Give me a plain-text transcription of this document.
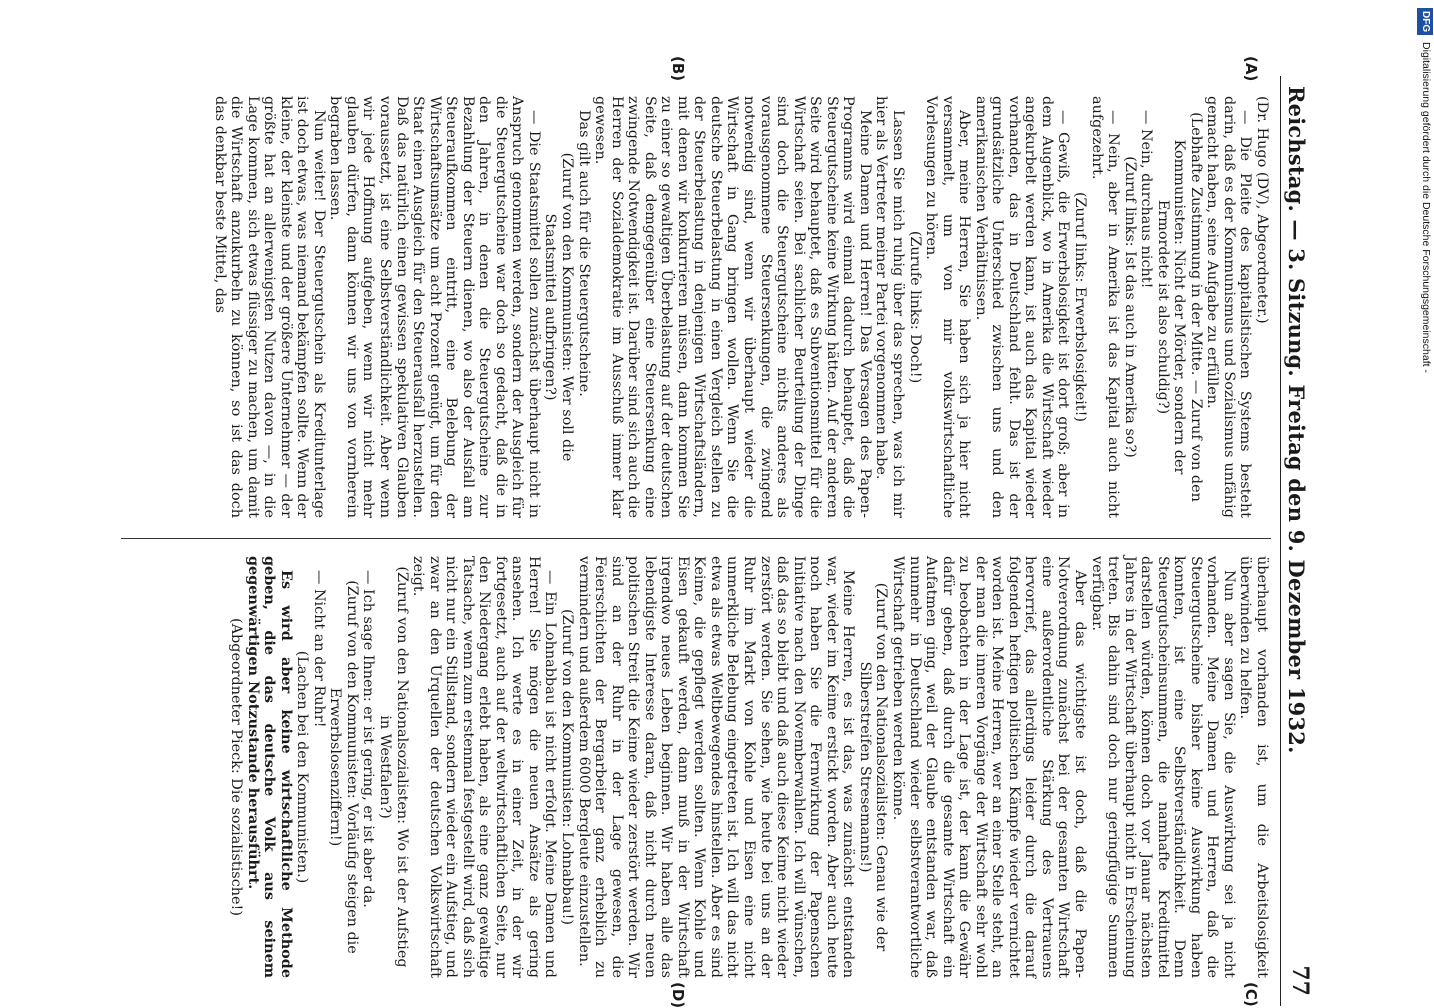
Reichstag. — 3. Sitzung. Freitag den 9. Dezember 1932.
77
(A)
(B)
(C)
(D)

(Dr. Hugo (DV), Abgeordneter.)

— Die Pleite des kapitalistischen Systems besteht darin, daß es der Kommunismus und Sozialismus unfähig gemacht haben, seine Aufgabe zu erfüllen.

(Lebhafte Zustimmung in der Mitte. — Zuruf von den Kommunisten: Nicht der Mörder, sondern der Ermordete ist also schuldig?)

— Nein, durchaus nicht!

(Zuruf links: Ist das auch in Amerika so?)

— Nein, aber in Amerika ist das Kapital auch nicht aufgezehrt.

(Zuruf links: Erwerbslosigkeit!)

— Gewiß, die Erwerbslosigkeit ist dort groß; aber in dem Augenblick, wo in Amerika die Wirtschaft wieder angekurbelt werden kann, ist auch das Kapital wieder vorhanden, das in Deutschland fehlt. Das ist der grundsätzliche Unterschied zwischen uns und den amerikanischen Verhältnissen.

Aber, meine Herren, Sie haben sich ja hier nicht versammelt, um von mir volkswirtschaftliche Vorlesungen zu hören.

(Zurufe links: Doch!)

Lassen Sie mich ruhig über das sprechen, was ich mir hier als Vertreter meiner Partei vorgenommen habe.

Meine Damen und Herren! Das Versagen des Papen-Programms wird einmal dadurch behauptet, daß die Steuergutscheine keine Wirkung hätten. Auf der anderen Seite wird behauptet, daß es Subventionsmittel für die Wirtschaft seien. Bei sachlicher Beurteilung der Dinge sind doch die Steuergutscheine nichts anderes als vorausgenommene Steuersenkungen, die zwingend notwendig sind, wenn wir überhaupt wieder die Wirtschaft in Gang bringen wollen. Wenn Sie die deutsche Steuerbelastung in einen Vergleich stellen zu der Steuerbelastung in denjenigen Wirtschaftsländern, mit denen wir konkurrieren müssen, dann kommen Sie zu einer so gewaltigen Überbelastung auf der deutschen Seite, daß demgegenüber eine Steuersenkung eine zwingende Notwendigkeit ist. Darüber sind sich auch die Herren der Sozialdemokratie im Ausschuß immer klar gewesen.

Das gilt auch für die Steuergutscheine.

(Zuruf von den Kommunisten: Wer soll die Staatsmittel aufbringen?)

— Die Staatsmittel sollen zunächst überhaupt nicht in Anspruch genommen werden, sondern der Ausgleich für die Steuergutscheine war doch so gedacht, daß die in den Jahren, in denen die Steuergutscheine zur Bezahlung der Steuern dienen, wo also der Ausfall am Steueraufkommen eintritt, eine Belebung der Wirtschaftsumsätze um acht Prozent genügt, um für den Staat einen Ausgleich für den Steuerausfall herzustellen. Daß das natürlich einen gewissen spekulativen Glauben voraussetzt, ist eine Selbstverständlichkeit. Aber wenn wir jede Hoffnung aufgeben, wenn wir nicht mehr glauben dürfen, dann können wir uns von vornherein begraben lassen.

Nun weiter! Der Steuergutschein als Kreditunterlage ist doch etwas, was niemand bekämpfen sollte. Wenn der kleine, der kleinste und der größere Unternehmer — der größte hat an allerwenigsten Nutzen davon —, in die Lage kommen, sich etwas flüssiger zu machen, um damit die Wirtschaft anzukurbeln zu können, so ist das doch das denkbar beste Mittel, das

überhaupt vorhanden ist, um die Arbeitslosigkeit überwinden zu helfen.

Nun aber sagen Sie, die Auswirkung sei ja nicht vorhanden. Meine Damen und Herren, daß die Steuergutscheine bisher keine Auswirkung haben konnten, ist eine Selbstverständlichkeit. Denn Steuergutscheinsummen, die namhafte Kreditmittel darstellen würden, können doch vor Januar nächsten Jahres in der Wirtschaft überhaupt nicht in Erscheinung treten. Bis dahin sind doch nur geringfügige Summen verfügbar.

Aber das wichtigste ist doch, daß die Papen-Notverordnung zunächst bei der gesamten Wirtschaft eine außerordentliche Stärkung des Vertrauens hervorrief, das allerdings leider durch die darauf folgenden heftigen politischen Kämpfe wieder vernichtet worden ist. Meine Herren, wer an einer Stelle steht, an der man die inneren Vorgänge der Wirtschaft sehr wohl zu beobachten in der Lage ist, der kann die Gewähr dafür geben, daß durch die gesamte Wirtschaft ein Aufatmen ging, weil der Glaube entstanden war, daß nunmehr in Deutschland wieder selbstverantwortliche Wirtschaft getrieben werden könne.

(Zuruf von den Nationalsozialisten: Genau wie der Silberstreifen Stresemanns!)

Meine Herren, es ist das, was zunächst entstanden war, wieder im Keime erstickt worden. Aber auch heute noch haben Sie die Fernwirkung der Papenschen Initiative nach den Novemberwahlen. Ich will wünschen, daß das so bleibt und daß auch diese Keime nicht wieder zerstört werden. Sie sehen, wie heute bei uns an der Ruhr im Markt von Kohle und Eisen eine nicht unmerkliche Belebung eingetreten ist. Ich will das nicht etwa als etwas Weltbewegendes hinstellen. Aber es sind Keime, die gepflegt werden sollten. Wenn Kohle und Eisen gekauft werden, dann muß in der Wirtschaft irgendwo neues Leben beginnen. Wir haben alle das lebendigste Interesse daran, daß nicht durch neuen politischen Streit die Keime wieder zerstört werden. Wir sind an der Ruhr in der Lage gewesen, die Feierschichten der Bergarbeiter ganz erheblich zu vermindern und außerdem 6000 Bergleute einzustellen.

(Zuruf von den Kommunisten: Lohnabbau!)

— Ein Lohnabbau ist nicht erfolgt. Meine Damen und Herren! Sie mögen die neuen Ansätze als gering ansehen. Ich werte es in einer Zeit, in der wir fortgesetzt, auch auf der weltwirtschaftlichen Seite, nur den Niedergang erlebt haben, als eine ganz gewaltige Tatsache, wenn zum erstenmal festgestellt wird, daß sich nicht nur ein Stillstand, sondern wieder ein Aufstieg, und zwar an den Urquellen der deutschen Volkswirtschaft zeigt.

(Zuruf von den Nationalsozialisten: Wo ist der Aufstieg in Westfalen?)

— Ich sage Ihnen: er ist gering, er ist aber da.

(Zuruf von den Kommunisten: Vorläufig steigen die Erwerbslosenziffern!)

— Nicht an der Ruhr!

(Lachen bei den Kommunisten.)

Es wird aber keine wirtschaftliche Methode geben, die das deutsche Volk aus seinem gegenwärtigen Notzustande herausführt.

(Abgeordneter Pieck: Die sozialistische!)

DFG Digitalisierung gefördert durch die Deutsche Forschungsgemeinschaft -
